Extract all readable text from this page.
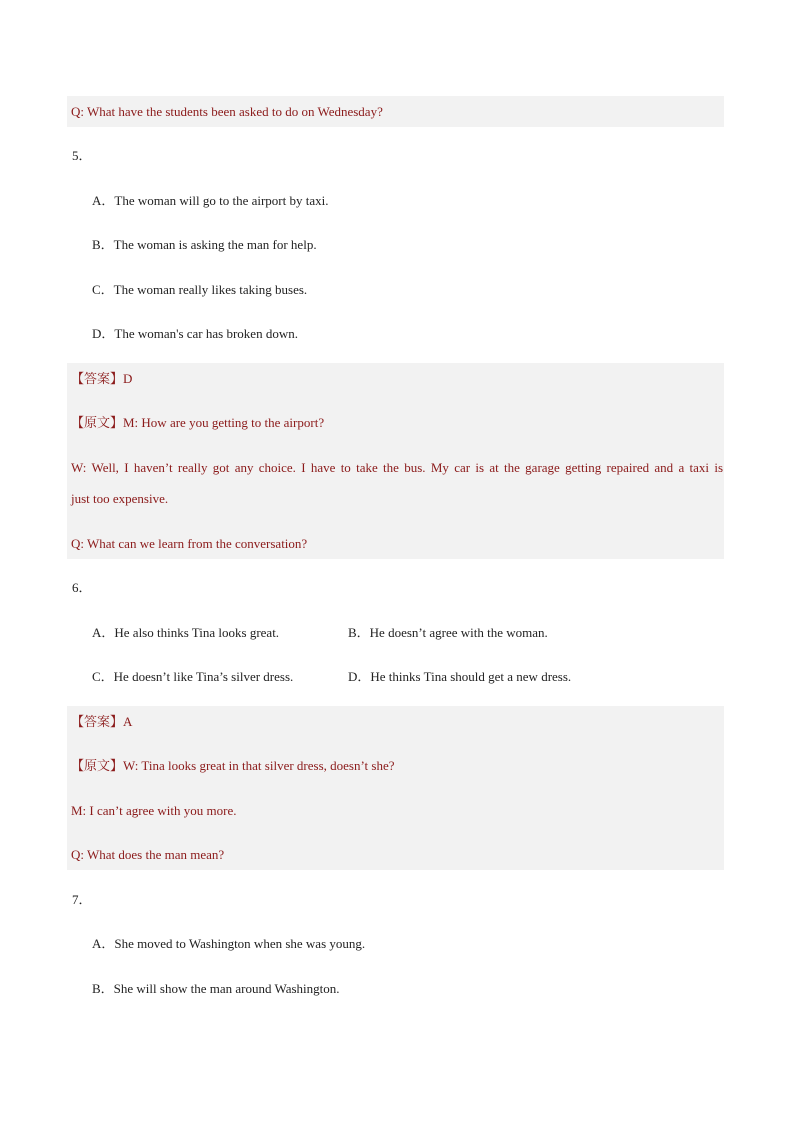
Q: What have the students been asked to do on Wednesday?
5．
A．The woman will go to the airport by taxi.
B．The woman is asking the man for help.
C．The woman really likes taking buses.
D．The woman's car has broken down.
【答案】D
【原文】M: How are you getting to the airport?
W: Well, I haven’t really got any choice. I have to take the bus. My car is at the garage getting repaired and a taxi is
just too expensive.
Q: What can we learn from the conversation?
6．
A．He also thinks Tina looks great.	B．He doesn’t agree with the woman.
C．He doesn’t like Tina’s silver dress.	D．He thinks Tina should get a new dress.
【答案】A
【原文】W: Tina looks great in that silver dress, doesn’t she?
M: I can’t agree with you more.
Q: What does the man mean?
7．
A．She moved to Washington when she was young.
B．She will show the man around Washington.
